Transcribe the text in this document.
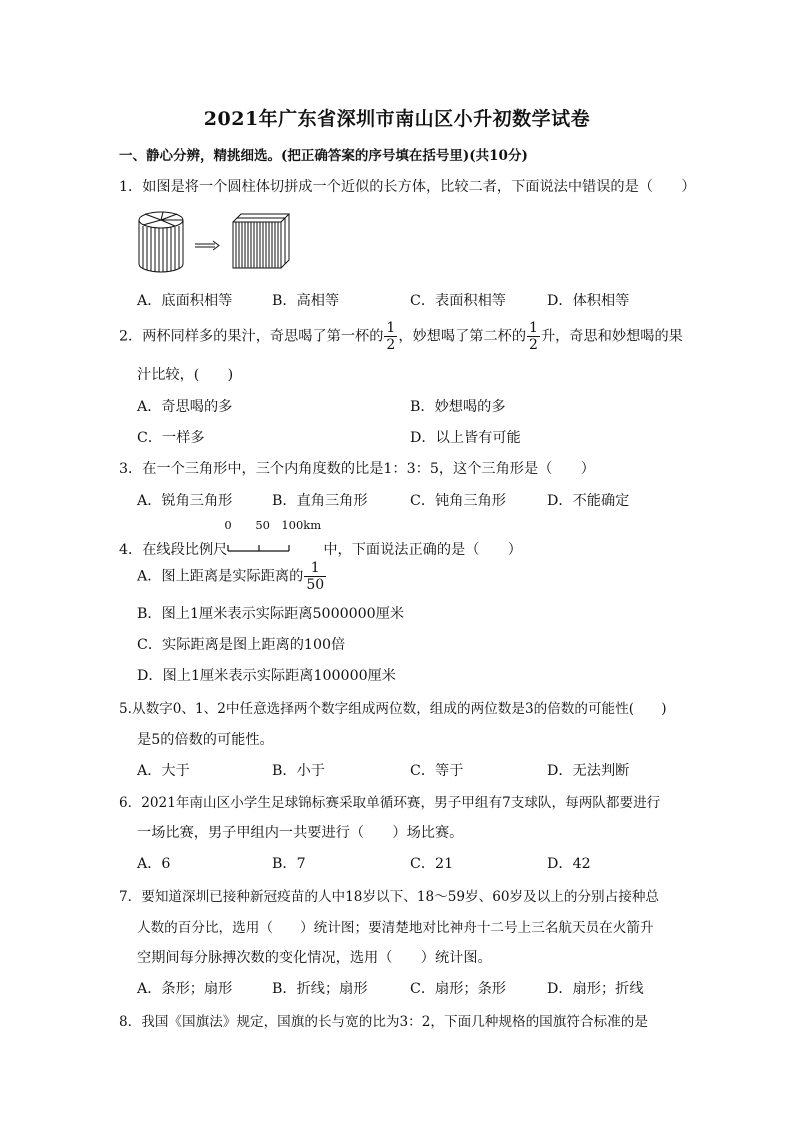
2021年广东省深圳市南山区小升初数学试卷
一、静心分辨，精挑细选。(把正确答案的序号填在括号里)(共10分)
1．如图是将一个圆柱体切拼成一个近似的长方体，比较二者，下面说法中错误的是（　　）
A．底面积相等	B．高相等	C．表面积相等	D．体积相等
2．两杯同样多的果汁，奇思喝了第一杯的 $\frac{1}{2}$ ，妙想喝了第二杯的 $\frac{1}{2}$ 升，奇思和妙想喝的果
汁比较，(　　)
A．奇思喝的多	B．妙想喝的多
C．一样多	D．以上皆有可能
3．在一个三角形中，三个内角度数的比是1：3：5，这个三角形是（　　）
A．锐角三角形	B．直角三角形	C．钝角三角形	D．不能确定
4．在线段比例尺
0 50 100km
中，下面说法正确的是（　　）
A．图上距离是实际距离的 $\frac{1}{50}$
B．图上1厘米表示实际距离5000000厘米
C．实际距离是图上距离的100倍
D．图上1厘米表示实际距离100000厘米
5.从数字0、1、2中任意选择两个数字组成两位数，组成的两位数是3的倍数的可能性(　　)
是5的倍数的可能性。
A．大于	B．小于	C．等于	D．无法判断
6．2021年南山区小学生足球锦标赛采取单循环赛，男子甲组有7支球队，每两队都要进行
一场比赛，男子甲组内一共要进行（　　）场比赛。
A．6	B．7	C．21	D．42
7．要知道深圳已接种新冠疫苗的人中18岁以下、18～59岁、60岁及以上的分别占接种总
人数的百分比，选用（　　）统计图；要清楚地对比神舟十二号上三名航天员在火箭升
空期间每分脉搏次数的变化情况，选用（　　）统计图。
A．条形；扇形	B．折线；扇形	C．扇形；条形	D．扇形；折线
8．我国《国旗法》规定，国旗的长与宽的比为3：2，下面几种规格的国旗符合标准的是
